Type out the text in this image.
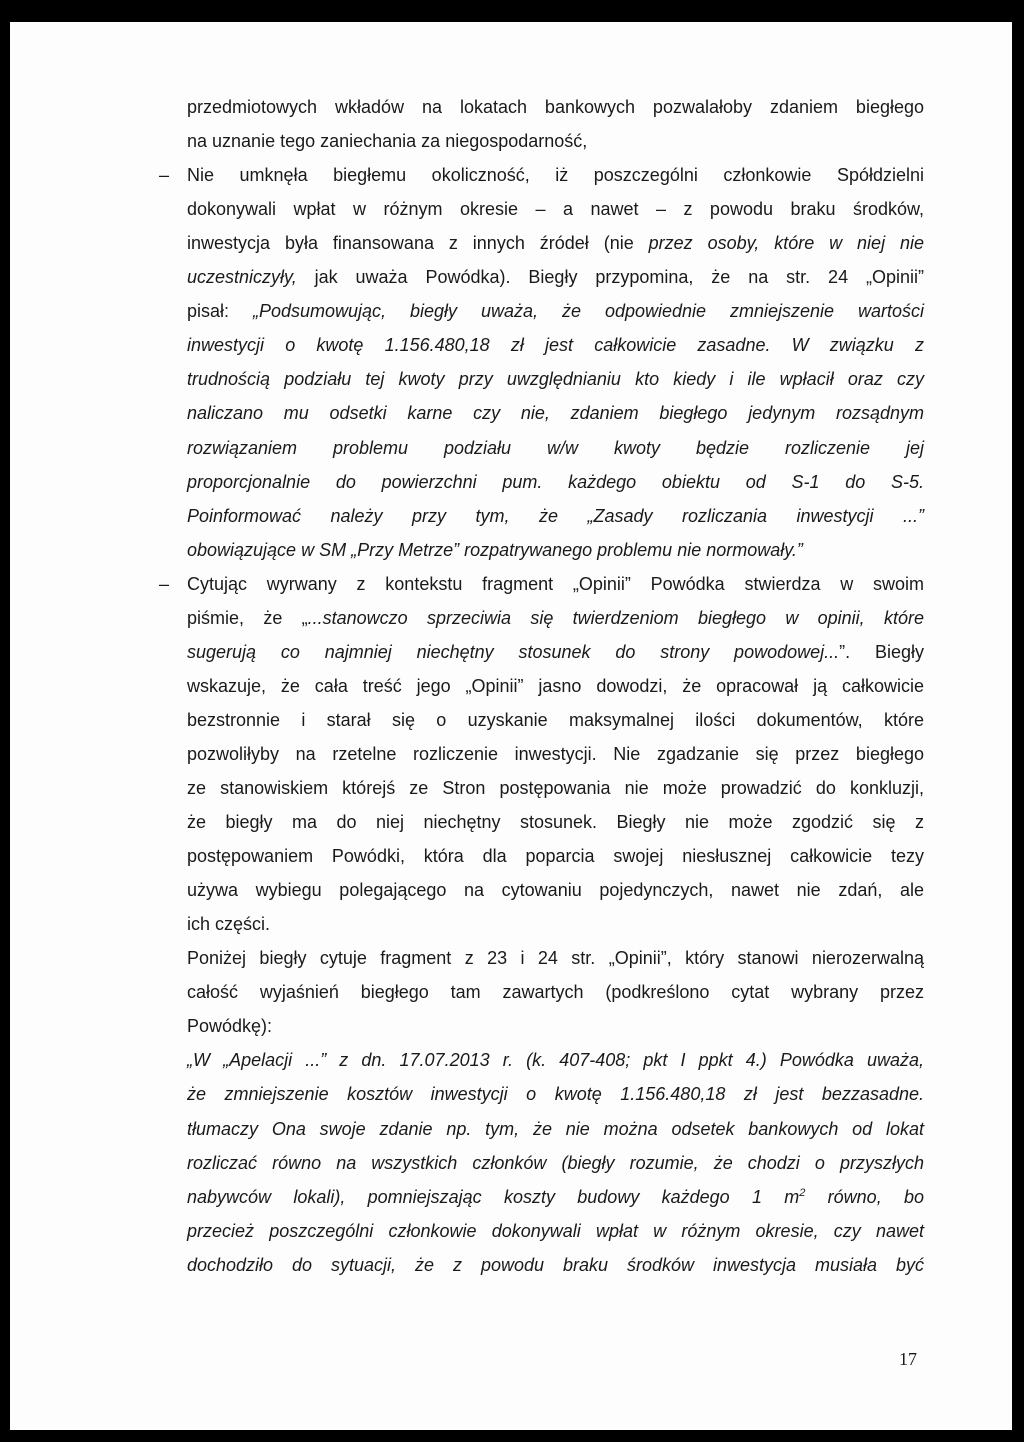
przedmiotowych wkładów na lokatach bankowych pozwalałoby zdaniem biegłego
na uznanie tego zaniechania za niegospodarność,
– Nie umknęła biegłemu okoliczność, iż poszczególni członkowie Spółdzielni
dokonywali wpłat w różnym okresie – a nawet – z powodu braku środków,
inwestycja była finansowana z innych źródeł (nie przez osoby, które w niej nie
uczestniczyły, jak uważa Powódka). Biegły przypomina, że na str. 24 „Opinii”
pisał: „Podsumowując, biegły uważa, że odpowiednie zmniejszenie wartości
inwestycji o kwotę 1.156.480,18 zł jest całkowicie zasadne. W związku z
trudnością podziału tej kwoty przy uwzględnianiu kto kiedy i ile wpłacił oraz czy
naliczano mu odsetki karne czy nie, zdaniem biegłego jedynym rozsądnym
rozwiązaniem problemu podziału w/w kwoty będzie rozliczenie jej
proporcjonalnie do powierzchni pum. każdego obiektu od S-1 do S-5.
Poinformować należy przy tym, że „Zasady rozliczania inwestycji ...”
obowiązujące w SM „Przy Metrze” rozpatrywanego problemu nie normowały.”
– Cytując wyrwany z kontekstu fragment „Opinii” Powódka stwierdza w swoim
piśmie, że „...stanowczo sprzeciwia się twierdzeniom biegłego w opinii, które
sugerują co najmniej niechętny stosunek do strony powodowej...”. Biegły
wskazuje, że cała treść jego „Opinii” jasno dowodzi, że opracował ją całkowicie
bezstronnie i starał się o uzyskanie maksymalnej ilości dokumentów, które
pozwoliłyby na rzetelne rozliczenie inwestycji. Nie zgadzanie się przez biegłego
ze stanowiskiem którejś ze Stron postępowania nie może prowadzić do konkluzji,
że biegły ma do niej niechętny stosunek. Biegły nie może zgodzić się z
postępowaniem Powódki, która dla poparcia swojej niesłusznej całkowicie tezy
używa wybiegu polegającego na cytowaniu pojedynczych, nawet nie zdań, ale
ich części.
Poniżej biegły cytuje fragment z 23 i 24 str. „Opinii”, który stanowi nierozerwalną
całość wyjaśnień biegłego tam zawartych (podkreślono cytat wybrany przez
Powódkę):
„W „Apelacji ...” z dn. 17.07.2013 r. (k. 407-408; pkt I ppkt 4.) Powódka uważa,
że zmniejszenie kosztów inwestycji o kwotę 1.156.480,18 zł jest bezzasadne.
tłumaczy Ona swoje zdanie np. tym, że nie można odsetek bankowych od lokat
rozliczać równo na wszystkich członków (biegły rozumie, że chodzi o przyszłych
nabywców lokali), pomniejszając koszty budowy każdego 1 $m^2$ równo, bo
przecież poszczególni członkowie dokonywali wpłat w różnym okresie, czy nawet
dochodziło do sytuacji, że z powodu braku środków inwestycja musiała być
17
